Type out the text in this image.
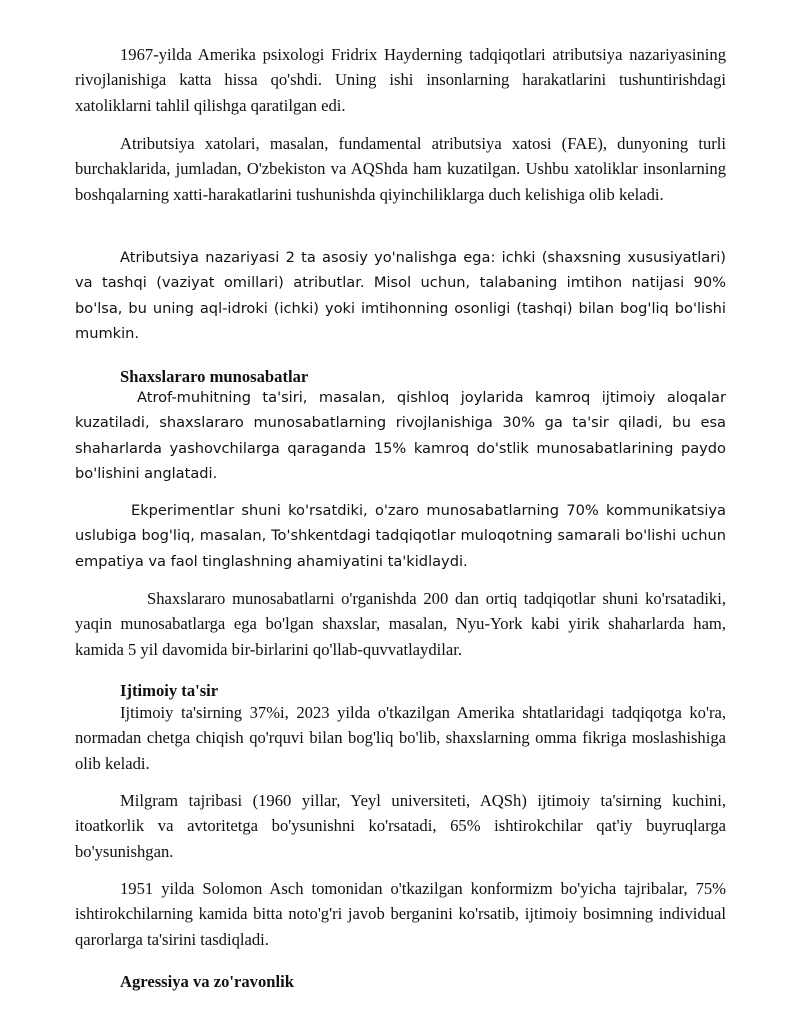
1967-yilda Amerika psixologi Fridrix Hayderning tadqiqotlari atributsiya nazariyasining rivojlanishiga katta hissa qo'shdi. Uning ishi insonlarning harakatlarini tushuntirishdagi xatoliklarni tahlil qilishga qaratilgan edi.

Atributsiya xatolari, masalan, fundamental atributsiya xatosi (FAE), dunyoning turli burchaklarida, jumladan, O'zbekiston va AQShda ham kuzatilgan. Ushbu xatoliklar insonlarning boshqalarning xatti-harakatlarini tushunishda qiyinchiliklarga duch kelishiga olib keladi.

Atributsiya nazariyasi 2 ta asosiy yo'nalishga ega: ichki (shaxsning xususiyatlari) va tashqi (vaziyat omillari) atributlar. Misol uchun, talabaning imtihon natijasi 90% bo'lsa, bu uning aql-idroki (ichki) yoki imtihonning osonligi (tashqi) bilan bog'liq bo'lishi mumkin.

Shaxslararo munosabatlar

Atrof-muhitning ta'siri, masalan, qishloq joylarida kamroq ijtimoiy aloqalar kuzatiladi, shaxslararo munosabatlarning rivojlanishiga 30% ga ta'sir qiladi, bu esa shaharlarda yashovchilarga qaraganda 15% kamroq do'stlik munosabatlarining paydo bo'lishini anglatadi.

Ekperimentlar shuni ko'rsatdiki, o'zaro munosabatlarning 70% kommunikatsiya uslubiga bog'liq, masalan, To'shkentdagi tadqiqotlar muloqotning samarali bo'lishi uchun empatiya va faol tinglashning ahamiyatini ta'kidlaydi.

Shaxslararo munosabatlarni o'rganishda 200 dan ortiq tadqiqotlar shuni ko'rsatadiki, yaqin munosabatlarga ega bo'lgan shaxslar, masalan, Nyu-York kabi yirik shaharlarda ham, kamida 5 yil davomida bir-birlarini qo'llab-quvvatlaydilar.

Ijtimoiy ta'sir

Ijtimoiy ta'sirning 37%i, 2023 yilda o'tkazilgan Amerika shtatlaridagi tadqiqotga ko'ra, normadan chetga chiqish qo'rquvi bilan bog'liq bo'lib, shaxslarning omma fikriga moslashishiga olib keladi.

Milgram tajribasi (1960 yillar, Yeyl universiteti, AQSh) ijtimoiy ta'sirning kuchini, itoatkorlik va avtoritetga bo'ysunishni ko'rsatadi, 65% ishtirokchilar qat'iy buyruqlarga bo'ysunishgan.

1951 yilda Solomon Asch tomonidan o'tkazilgan konformizm bo'yicha tajribalar, 75% ishtirokchilarning kamida bitta noto'g'ri javob berganini ko'rsatib, ijtimoiy bosimning individual qarorlarga ta'sirini tasdiqladi.

Agressiya va zo'ravonlik
